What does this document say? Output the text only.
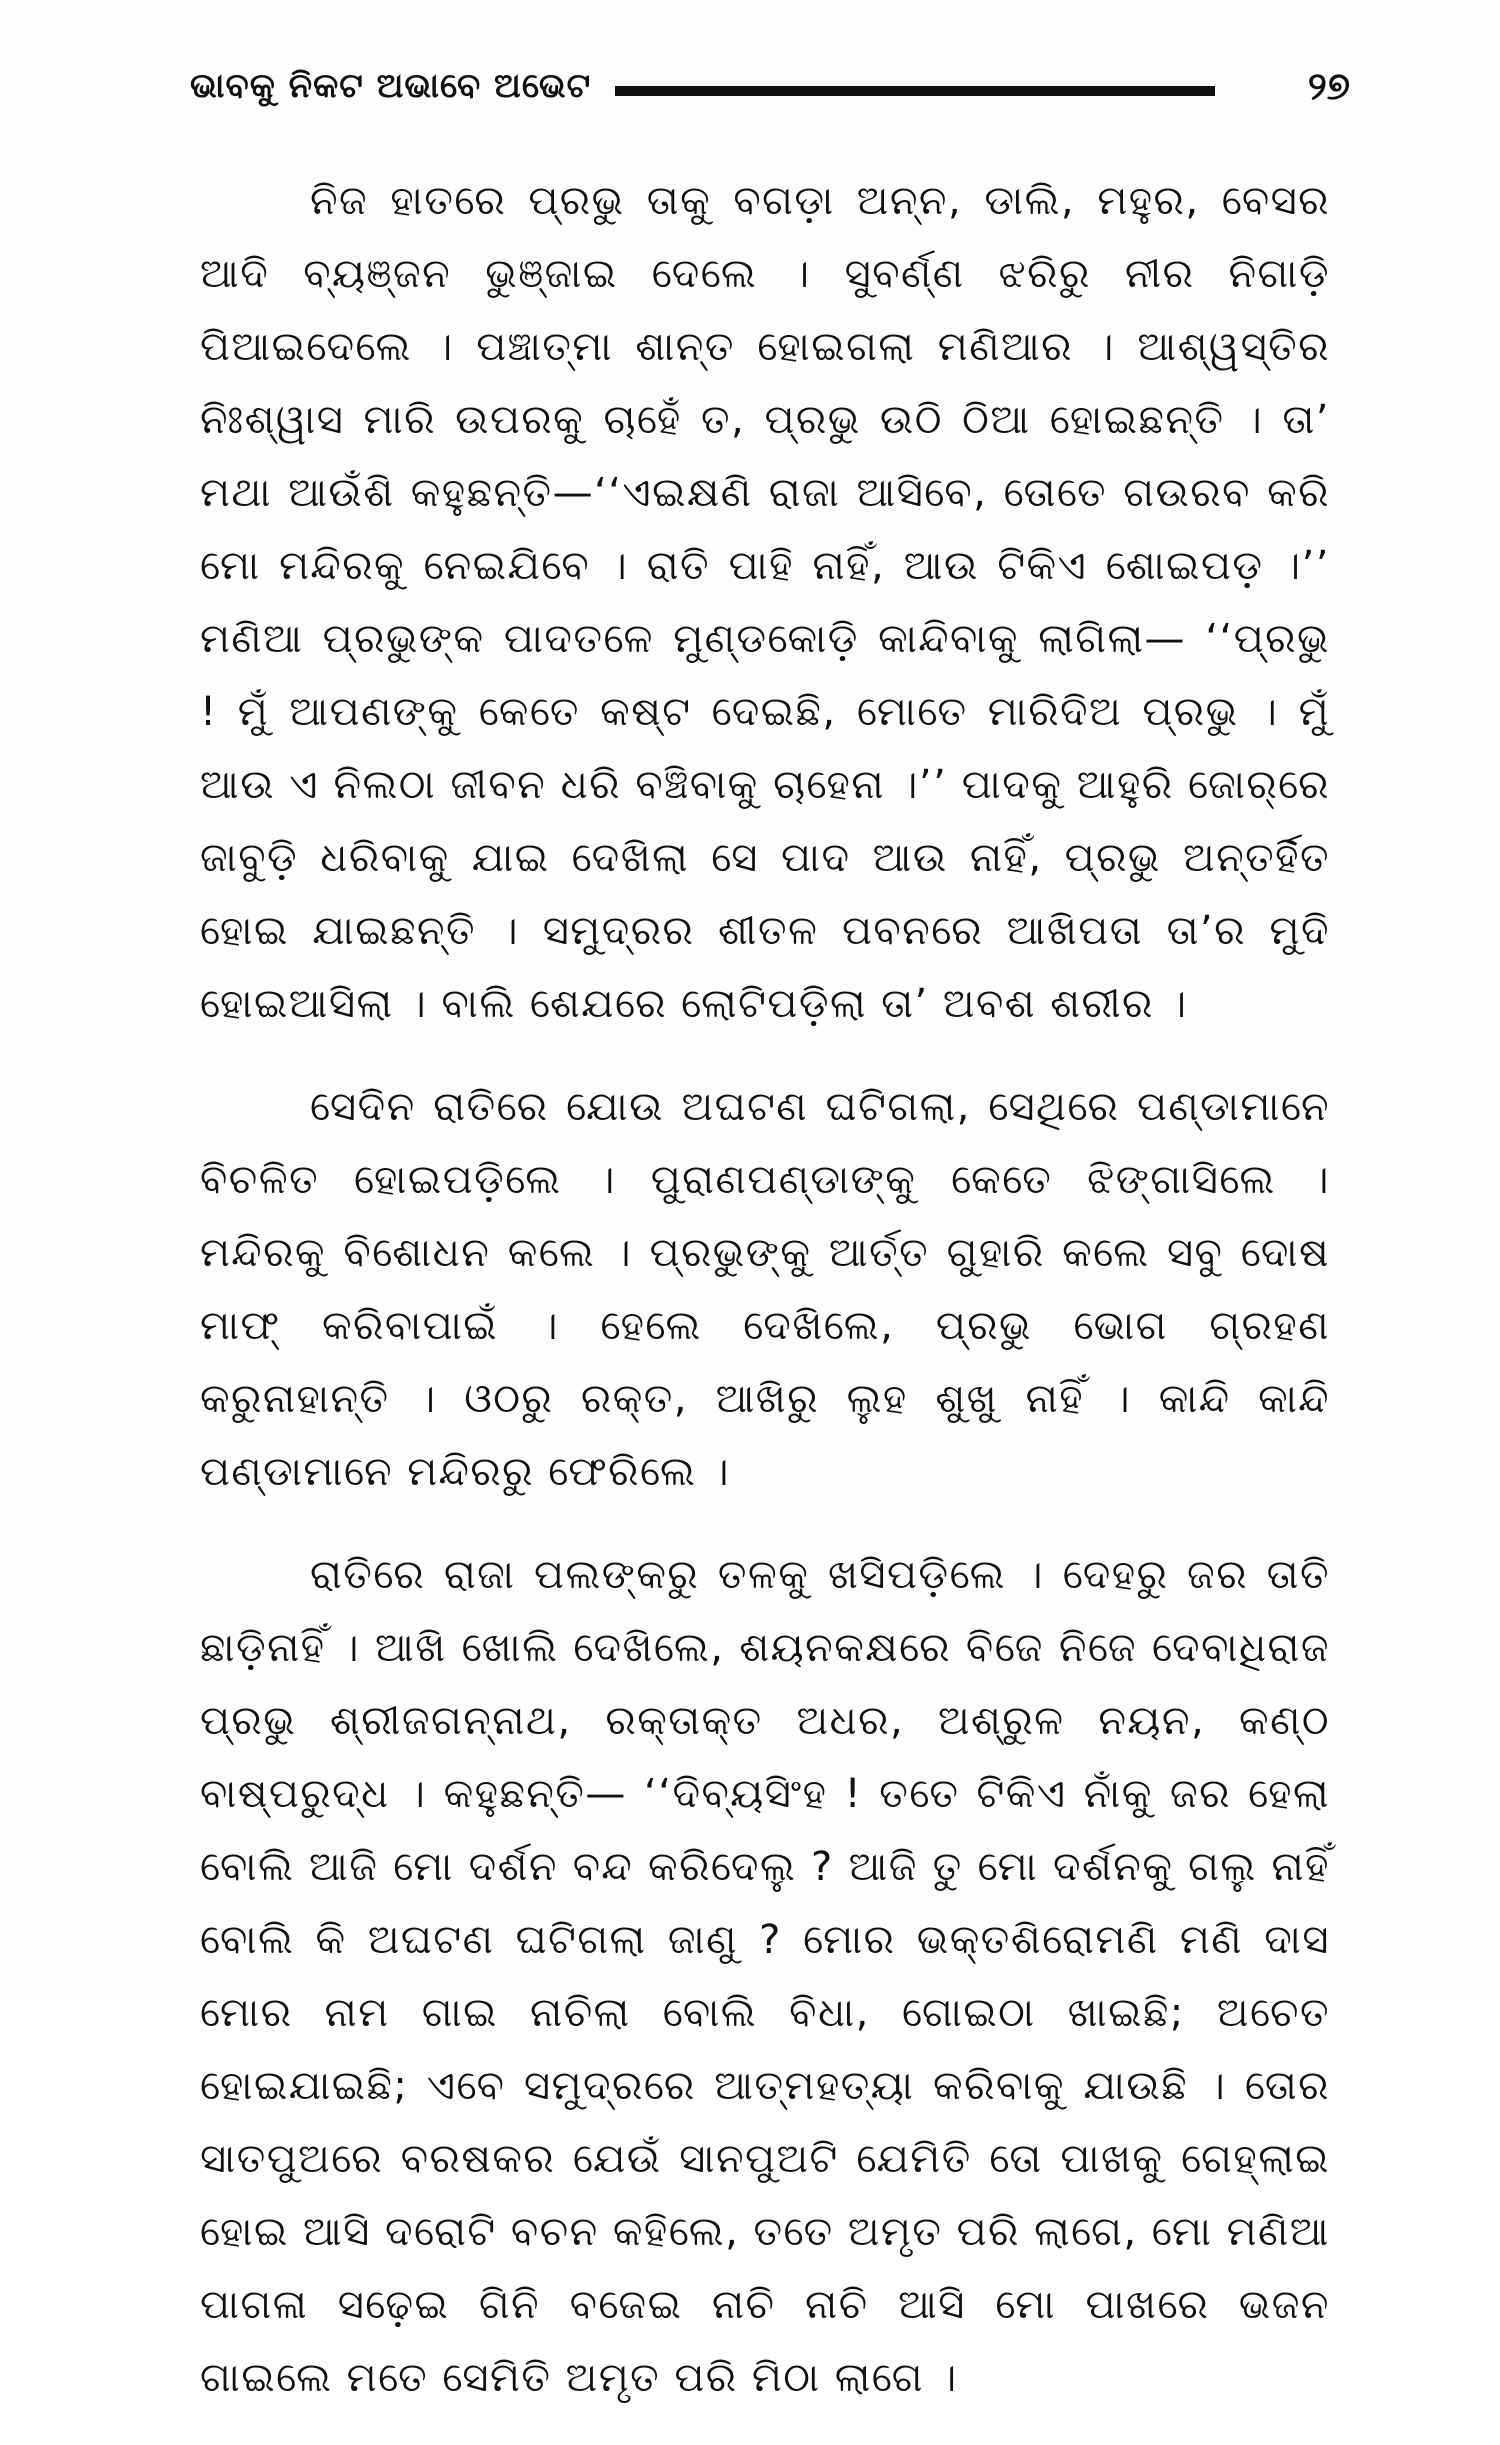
ଭାବକୁ ନିକଟ ଅଭାବେ ଅଭେଟ	୨୭

ନିଜ ହାତରେ ପ୍ରଭୁ ତାକୁ ବଗଡ଼ା ଅନ୍ନ, ଡାଲି, ମହୁର, ବେସର ଆଦି ବ୍ୟଞ୍ଜନ ଭୁଞ୍ଜାଇ ଦେଲେ । ସୁବର୍ଣ୍ଣ ଝରିରୁ ନୀର ନିଗାଡ଼ି ପିଆଇଦେଲେ । ପଞ୍ଚାତ୍ମା ଶାନ୍ତ ହୋଇଗଲା ମଣିଆର । ଆଶ୍ୱସ୍ତିର ନିଃଶ୍ୱାସ ମାରି ଉପରକୁ ଚାହେଁ ତ, ପ୍ରଭୁ ଉଠି ଠିଆ ହୋଇଛନ୍ତି । ତା’ ମଥା ଆଉଁଶି କହୁଛନ୍ତି—‘‘ଏଇକ୍ଷଣି ରାଜା ଆସିବେ, ତୋତେ ଗଉରବ କରି ମୋ ମନ୍ଦିରକୁ ନେଇଯିବେ । ରାତି ପାହି ନାହିଁ, ଆଉ ଟିକିଏ ଶୋଇପଡ଼ ।’’ ମଣିଆ ପ୍ରଭୁଙ୍କ ପାଦତଳେ ମୁଣ୍ଡକୋଡ଼ି କାନ୍ଦିବାକୁ ଲାଗିଲା— ‘‘ପ୍ରଭୁ ! ମୁଁ ଆପଣଙ୍କୁ କେତେ କଷ୍ଟ ଦେଇଛି, ମୋତେ ମାରିଦିଅ ପ୍ରଭୁ । ମୁଁ ଆଉ ଏ ନିଲଠା ଜୀବନ ଧରି ବଞ୍ଚିବାକୁ ଚାହେନା ।’’ ପାଦକୁ ଆହୁରି ଜୋର୍‌ରେ ଜାବୁଡ଼ି ଧରିବାକୁ ଯାଇ ଦେଖିଲା ସେ ପାଦ ଆଉ ନାହିଁ, ପ୍ରଭୁ ଅନ୍ତର୍ହିତ ହୋଇ ଯାଇଛନ୍ତି । ସମୁଦ୍ରର ଶୀତଳ ପବନରେ ଆଖିପତା ତା’ର ମୁଦି ହୋଇଆସିଲା । ବାଲି ଶେଯରେ ଲୋଟିପଡ଼ିଲା ତା’ ଅବଶ ଶରୀର ।

ସେଦିନ ରାତିରେ ଯୋଉ ଅଘଟଣ ଘଟିଗଲା, ସେଥିରେ ପଣ୍ଡାମାନେ ବିଚଳିତ ହୋଇପଡ଼ିଲେ । ପୁରାଣପଣ୍ଡାଙ୍କୁ କେତେ ଝିଙ୍ଗାସିଲେ । ମନ୍ଦିରକୁ ବିଶୋଧନ କଲେ । ପ୍ରଭୁଙ୍କୁ ଆର୍ତ୍ତ ଗୁହାରି କଲେ ସବୁ ଦୋଷ ମାଫ୍ କରିବାପାଇଁ । ହେଲେ ଦେଖିଲେ, ପ୍ରଭୁ ଭୋଗ ଗ୍ରହଣ କରୁନାହାନ୍ତି । ଓଠରୁ ରକ୍ତ, ଆଖିରୁ ଲୁହ ଶୁଖୁ ନାହିଁ । କାନ୍ଦି କାନ୍ଦି ପଣ୍ଡାମାନେ ମନ୍ଦିରରୁ ଫେରିଲେ ।

ରାତିରେ ରାଜା ପଲଙ୍କରୁ ତଳକୁ ଖସିପଡ଼ିଲେ । ଦେହରୁ ଜର ତାତି ଛାଡ଼ିନାହିଁ । ଆଖି ଖୋଲି ଦେଖିଲେ, ଶୟନକକ୍ଷରେ ବିଜେ ନିଜେ ଦେବାଧିରାଜ ପ୍ରଭୁ ଶ୍ରୀଜଗନ୍ନାଥ, ରକ୍ତାକ୍ତ ଅଧର, ଅଶ୍ରୁଳ ନୟନ, କଣ୍ଠ ବାଷ୍ପରୁଦ୍ଧ । କହୁଛନ୍ତି— ‘‘ଦିବ୍ୟସିଂହ ! ତତେ ଟିକିଏ ନାଁକୁ ଜର ହେଲା ବୋଲି ଆଜି ମୋ ଦର୍ଶନ ବନ୍ଦ କରିଦେଲୁ ? ଆଜି ତୁ ମୋ ଦର୍ଶନକୁ ଗଲୁ ନାହିଁ ବୋଲି କି ଅଘଟଣ ଘଟିଗଲା ଜାଣୁ ? ମୋର ଭକ୍ତଶିରୋମଣି ମଣି ଦାସ ମୋର ନାମ ଗାଇ ନାଚିଲା ବୋଲି ବିଧା, ଗୋଇଠା ଖାଇଛି; ଅଚେତ ହୋଇଯାଇଛି; ଏବେ ସମୁଦ୍ରରେ ଆତ୍ମହତ୍ୟା କରିବାକୁ ଯାଉଛି । ତୋର ସାତପୁଅରେ ବରଷକର ଯେଉଁ ସାନପୁଅଟି ଯେମିତି ତୋ ପାଖକୁ ଗେହ୍ଲାଇ ହୋଇ ଆସି ଦରୋଟି ବଚନ କହିଲେ, ତତେ ଅମୃତ ପରି ଲାଗେ, ମୋ ମଣିଆ ପାଗଳା ସଢ଼େଇ ଗିନି ବଜେଇ ନାଚି ନାଚି ଆସି ମୋ ପାଖରେ ଭଜନ ଗାଇଲେ ମତେ ସେମିତି ଅମୃତ ପରି ମିଠା ଲାଗେ ।
